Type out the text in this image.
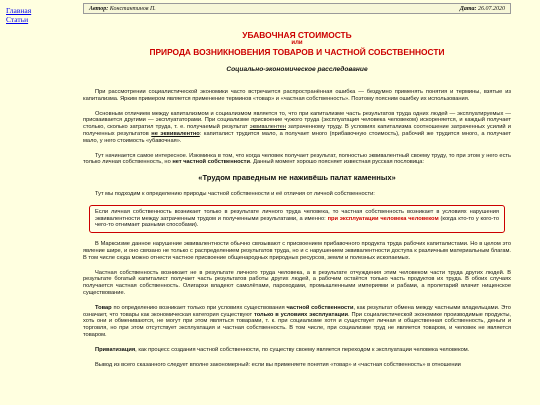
Главная
Статьи
Автор: Константинов П.	Дата: 26.07.2020
УБАВОЧНАЯ СТОИМОСТЬ
или
ПРИРОДА ВОЗНИКНОВЕНИЯ ТОВАРОВ И ЧАСТНОЙ СОБСТВЕННОСТИ
Социально-экономическое расследование

При рассмотрении социалистической экономики часто встречается распространённая ошибка — бездумно применять понятия и термины, взятые из капитализма. Ярким примером является применение терминов «товар» и «частная собственность». Поэтому поясним ошибку их использования.

Основным отличием между капитализмом и социализмом является то, что при капитализме часть результатов труда одних людей — эксплуатируемых — присваивается другими — эксплуататорами. При социализме присвоение чужого труда (эксплуатация человека человеком) искореняется, и каждый получает столько, сколько затратил труда, т. е. получаемый результат эквивалентен затраченному труду. В условиях капитализма соотношение затраченных усилий и полученных результатов не эквивалентно: капиталист трудится мало, а получает много (прибавочную стоимость), рабочий же трудится много, а получает мало, у него стоимость «убавочная».

Тут начинается самое интересное. Изюминка в том, что когда человек получает результат, полностью эквивалентный своему труду, то при этом у него есть только личная собственность, но нет частной собственности. Данный момент хорошо поясняет известная русская пословица:

«Трудом праведным не наживёшь палат каменных»

Тут мы подходим к определению природы частной собственности и её отличия от личной собственности:

Если личная собственность возникает только в результате личного труда человека, то частная собственность возникает в условиях нарушения эквивалентности между затраченным трудом и полученными результатами, а именно: при эксплуатации человека человеком (когда кто-то у кого-то чего-то отнимает разными способами).

В Марксизме данное нарушение эквивалентности обычно связывают с присвоением прибавочного продукта труда рабочих капиталистами. Но в целом это явление шире, и оно связано не только с распределением результатов труда, но и с нарушением эквивалентности доступа к различным материальным благам. В том числе сюда можно отнести частное присвоение общенародных природных ресурсов, земли и полезных ископаемых.

Частная собственность возникает не в результате личного труда человека, а в результате отчуждения этим человеком части труда других людей. В результате богатый капиталист получает часть результатов работы других людей, а рабочим остаётся только часть продуктов их труда. В обоих случаях получается частная собственность. Олигархи владеют самолётами, пароходами, промышленными империями и рабами, а пролетарий влачит нищенское существование.

Товар по определению возникает только при условиях существования частной собственности, как результат обмена между частными владельцами. Это означает, что товары как экономическая категория существуют только в условиях эксплуатации. При социалистической экономике производимые продукты, хоть они и обмениваются, не могут при этом являться товарами, т. к. при социализме хотя и существует личная и общественная собственность, деньги и торговля, но при этом отсутствует эксплуатация и частная собственность. В том числе, при социализме труд не является товаром, и человек не является товаром.

Приватизация, как процесс создания частной собственности, по существу своему является переходом к эксплуатации человека человеком.

Вывод из всего сказанного следует вполне закономерный: если вы применяете понятия «товар» и «частная собственность» в отношении
